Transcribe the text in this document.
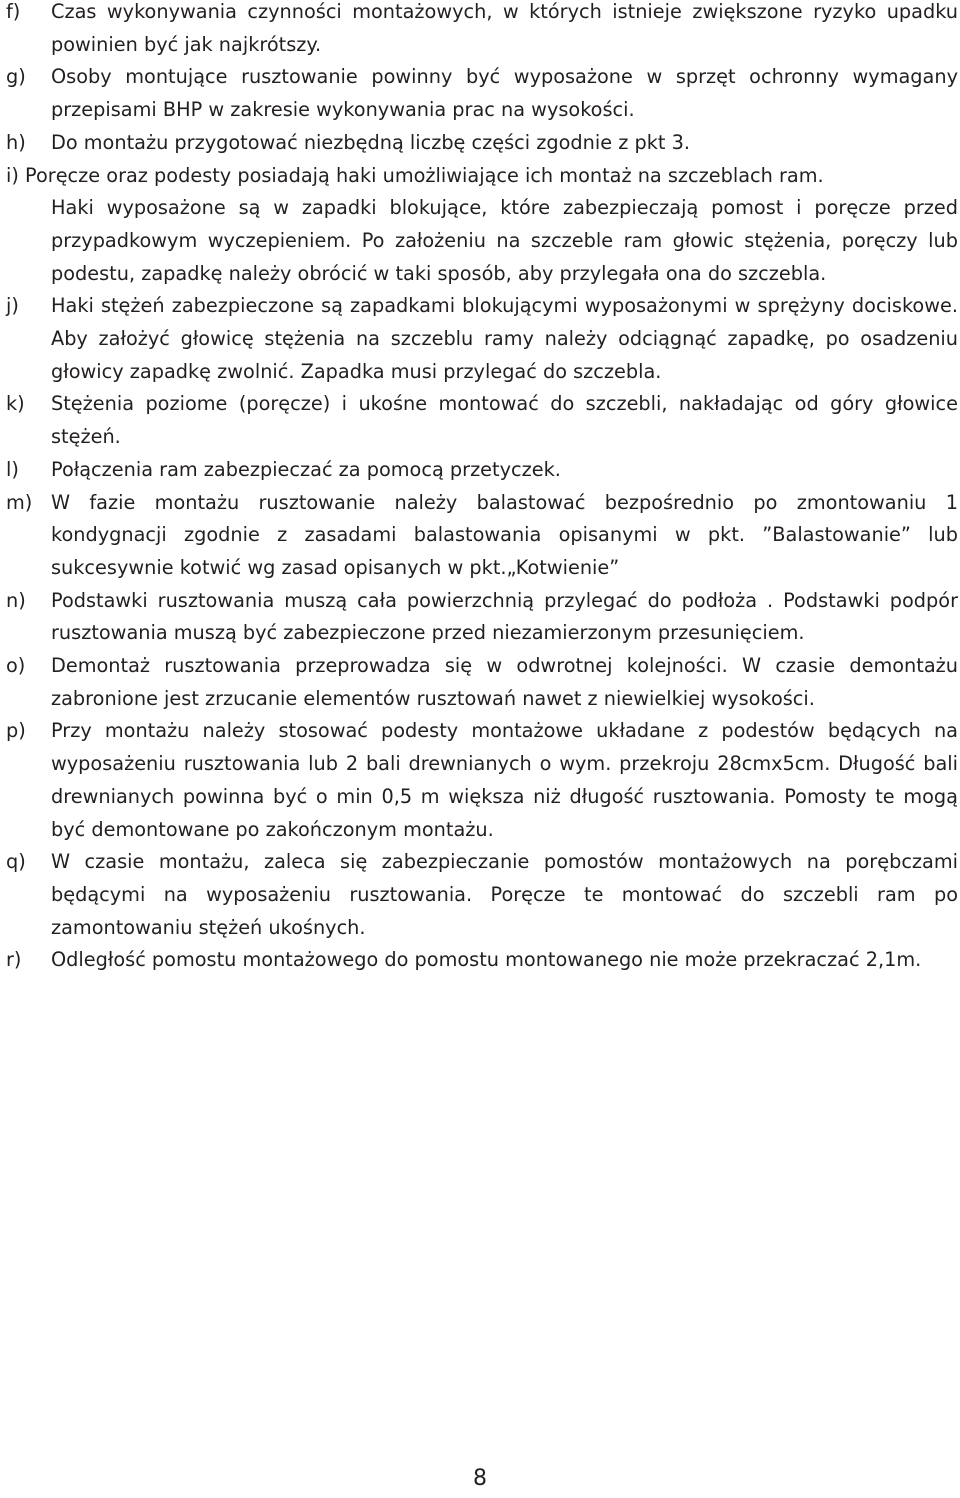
f)	Czas wykonywania czynności montażowych, w których istnieje zwiększone ryzyko upadku powinien być jak najkrótszy.
g)	Osoby montujące rusztowanie powinny być wyposażone w sprzęt ochronny wymagany przepisami BHP w zakresie wykonywania prac na wysokości.
h)	Do montażu przygotować niezbędną liczbę części zgodnie z pkt 3.
i) Poręcze oraz podesty posiadają haki umożliwiające ich montaż na szczeblach ram.
Haki wyposażone są w zapadki blokujące, które zabezpieczają pomost i poręcze przed przypadkowym wyczepieniem. Po założeniu na szczeble ram głowic stężenia, poręczy lub podestu, zapadkę należy obrócić w taki sposób, aby przylegała ona do szczebla.
j)	Haki stężeń zabezpieczone są zapadkami blokującymi wyposażonymi w sprężyny dociskowe. Aby założyć głowicę stężenia na szczeblu ramy należy odciągnąć zapadkę, po osadzeniu głowicy zapadkę zwolnić. Zapadka musi przylegać do szczebla.
k)	Stężenia poziome (poręcze) i ukośne montować do szczebli, nakładając od góry głowice stężeń.
l)	Połączenia ram zabezpieczać za pomocą przetyczek.
m) W fazie montażu rusztowanie należy balastować bezpośrednio po zmontowaniu 1 kondygnacji zgodnie z zasadami balastowania opisanymi w pkt. ”Balastowanie” lub sukcesywnie kotwić wg zasad opisanych w pkt.„Kotwienie”
n)	Podstawki rusztowania muszą cała powierzchnią przylegać do podłoża . Podstawki podpór rusztowania muszą być zabezpieczone przed niezamierzonym przesunięciem.
o)	Demontaż rusztowania przeprowadza się w odwrotnej kolejności. W czasie demontażu zabronione jest zrzucanie elementów rusztowań nawet z niewielkiej wysokości.
p)	Przy montażu należy stosować podesty montażowe układane z podestów będących na wyposażeniu rusztowania lub 2 bali drewnianych o wym. przekroju 28cmx5cm. Długość bali drewnianych powinna być o min 0,5 m większa niż długość rusztowania. Pomosty te mogą być demontowane po zakończonym montażu.
q)	W czasie montażu, zaleca się zabezpieczanie pomostów montażowych na porębczami będącymi na wyposażeniu rusztowania. Poręcze te montować do szczebli ram po zamontowaniu stężeń ukośnych.
r)	Odległość pomostu montażowego do pomostu montowanego nie może przekraczać 2,1m.
8
